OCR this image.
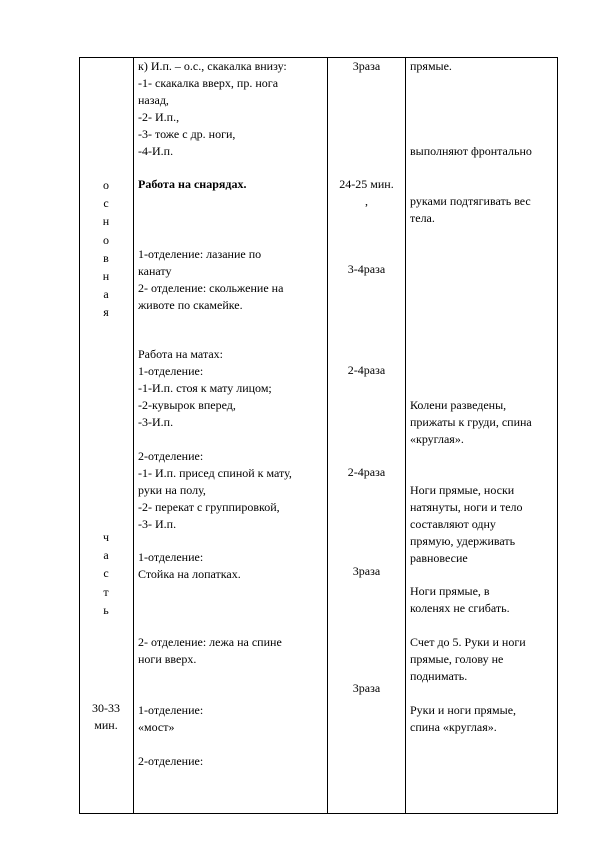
о
с
н
о
в
н
а
я
ч
а
с
т
ь
30-33
мин.
к) И.п. – о.с., скакалка внизу:
-1- скакалка вверх, пр. нога
назад,
-2- И.п.,
-3- тоже с др. ноги,
-4-И.п.
Работа на снарядах.
1-отделение: лазание по
канату
2- отделение: скольжение на
животе по скамейке.
Работа на матах:
1-отделение:
-1-И.п. стоя к мату лицом;
-2-кувырок вперед,
-3-И.п.
2-отделение:
-1- И.п. присед спиной к мату,
руки на полу,
-2- перекат с группировкой,
-3- И.п.
1-отделение:
Стойка на лопатках.
2- отделение: лежа на спине
ноги вверх.
1-отделение:
«мост»
2-отделение:
3раза
24-25 мин.
,
3-4раза
2-4раза
2-4раза
3раза
3раза
прямые.
выполняют фронтально
руками подтягивать вес
тела.
Колени разведены,
прижаты к груди, спина
«круглая».
Ноги прямые, носки
натянуты, ноги и тело
составляют одну
прямую, удерживать
равновесие
Ноги прямые, в
коленях не сгибать.
Счет до 5. Руки и ноги
прямые, голову не
поднимать.
Руки и ноги прямые,
спина «круглая».
